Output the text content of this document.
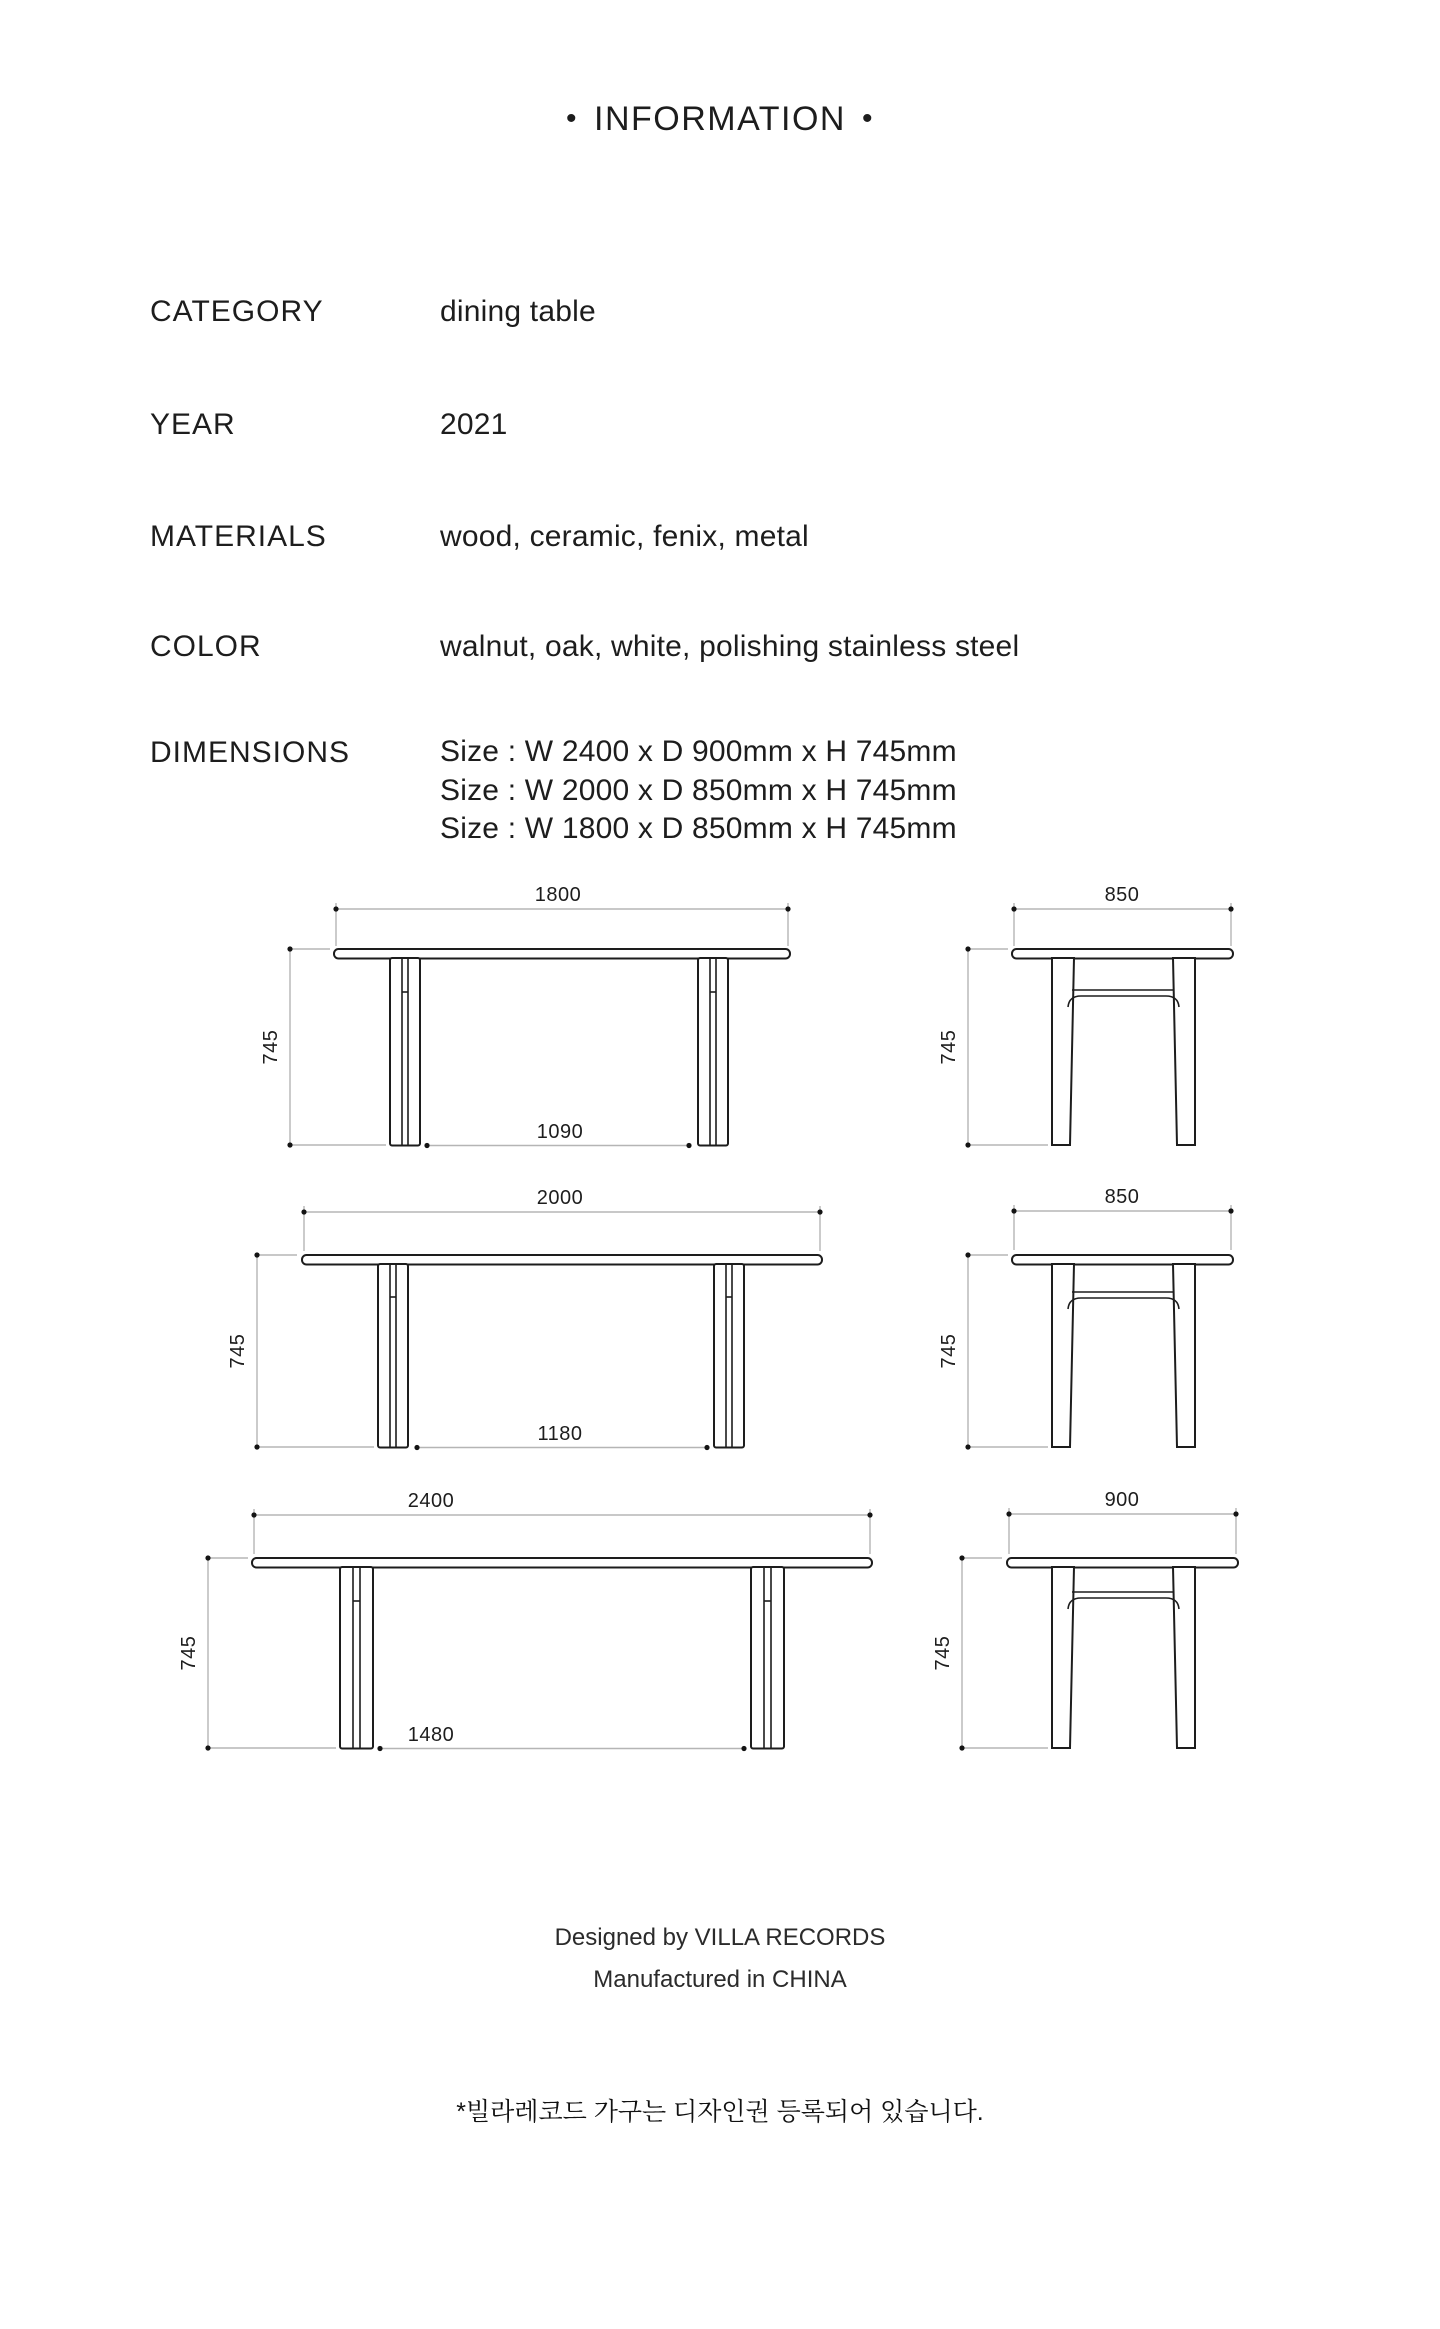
• INFORMATION •
CATEGORY	dining table
YEAR	2021
MATERIALS	wood, ceramic, fenix, metal
COLOR	walnut, oak, white, polishing stainless steel
DIMENSIONS	Size : W 2400 x D 900mm x H 745mm
Size : W 2000 x D 850mm x H 745mm
Size : W 1800 x D 850mm x H 745mm
1800
745
1090
850
745
2000
745
1180
850
745
2400
745
1480
900
745
Designed by VILLA RECORDS
Manufactured in CHINA
*빌라레코드 가구는 디자인권 등록되어 있습니다.
